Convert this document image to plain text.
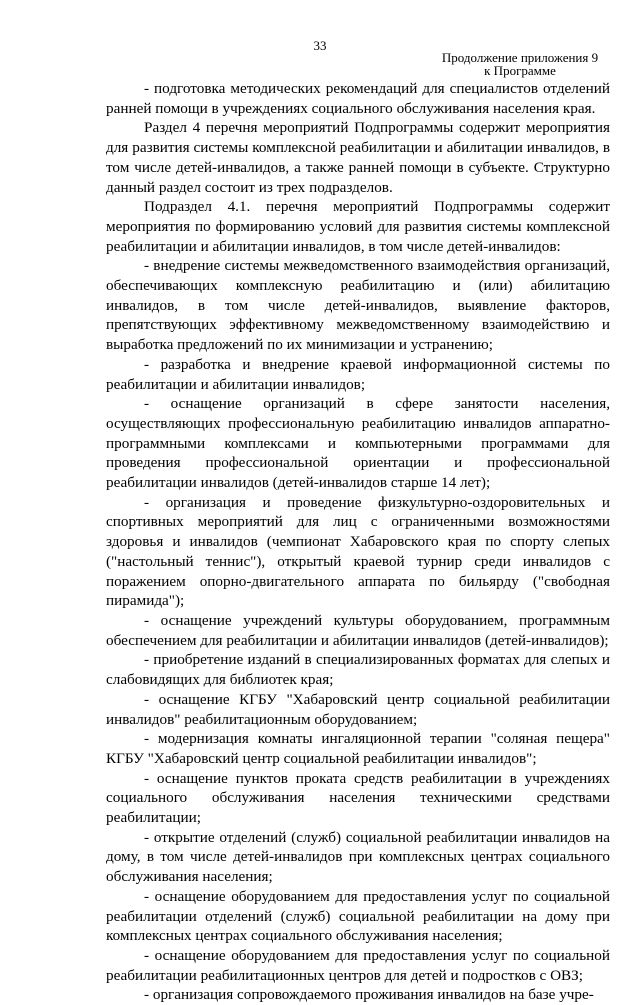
33
Продолжение приложения 9
к Программе

- подготовка методических рекомендаций для специалистов отделений ранней помощи в учреждениях социального обслуживания населения края.

Раздел 4 перечня мероприятий Подпрограммы содержит мероприятия для развития системы комплексной реабилитации и абилитации инвалидов, в том числе детей-инвалидов, а также ранней помощи в субъекте. Структурно данный раздел состоит из трех подразделов.

Подраздел 4.1. перечня мероприятий Подпрограммы содержит мероприятия по формированию условий для развития системы комплексной реабилитации и абилитации инвалидов, в том числе детей-инвалидов:

- внедрение системы межведомственного взаимодействия организаций, обеспечивающих комплексную реабилитацию и (или) абилитацию инвалидов, в том числе детей-инвалидов, выявление факторов, препятствующих эффективному межведомственному взаимодействию и выработка предложений по их минимизации и устранению;

- разработка и внедрение краевой информационной системы по реабилитации и абилитации инвалидов;

- оснащение организаций в сфере занятости населения, осуществляющих профессиональную реабилитацию инвалидов аппаратно-программными комплексами и компьютерными программами для проведения профессиональной ориентации и профессиональной реабилитации инвалидов (детей-инвалидов старше 14 лет);

- организация и проведение физкультурно-оздоровительных и спортивных мероприятий для лиц с ограниченными возможностями здоровья и инвалидов (чемпионат Хабаровского края по спорту слепых ("настольный теннис"), открытый краевой турнир среди инвалидов с поражением опорно-двигательного аппарата по бильярду ("свободная пирамида");

- оснащение учреждений культуры оборудованием, программным обеспечением для реабилитации и абилитации инвалидов (детей-инвалидов);

- приобретение изданий в специализированных форматах для слепых и слабовидящих для библиотек края;

- оснащение КГБУ "Хабаровский центр социальной реабилитации инвалидов" реабилитационным оборудованием;

- модернизация комнаты ингаляционной терапии "соляная пещера" КГБУ "Хабаровский центр социальной реабилитации инвалидов";

- оснащение пунктов проката средств реабилитации в учреждениях социального обслуживания населения техническими средствами реабилитации;

- открытие отделений (служб) социальной реабилитации инвалидов на дому, в том числе детей-инвалидов при комплексных центрах социального обслуживания населения;

- оснащение оборудованием для предоставления услуг по социальной реабилитации отделений (служб) социальной реабилитации на дому при комплексных центрах социального обслуживания населения;

- оснащение оборудованием для предоставления услуг по социальной реабилитации реабилитационных центров для детей и подростков с ОВЗ;

- организация сопровождаемого проживания инвалидов на базе учре-
